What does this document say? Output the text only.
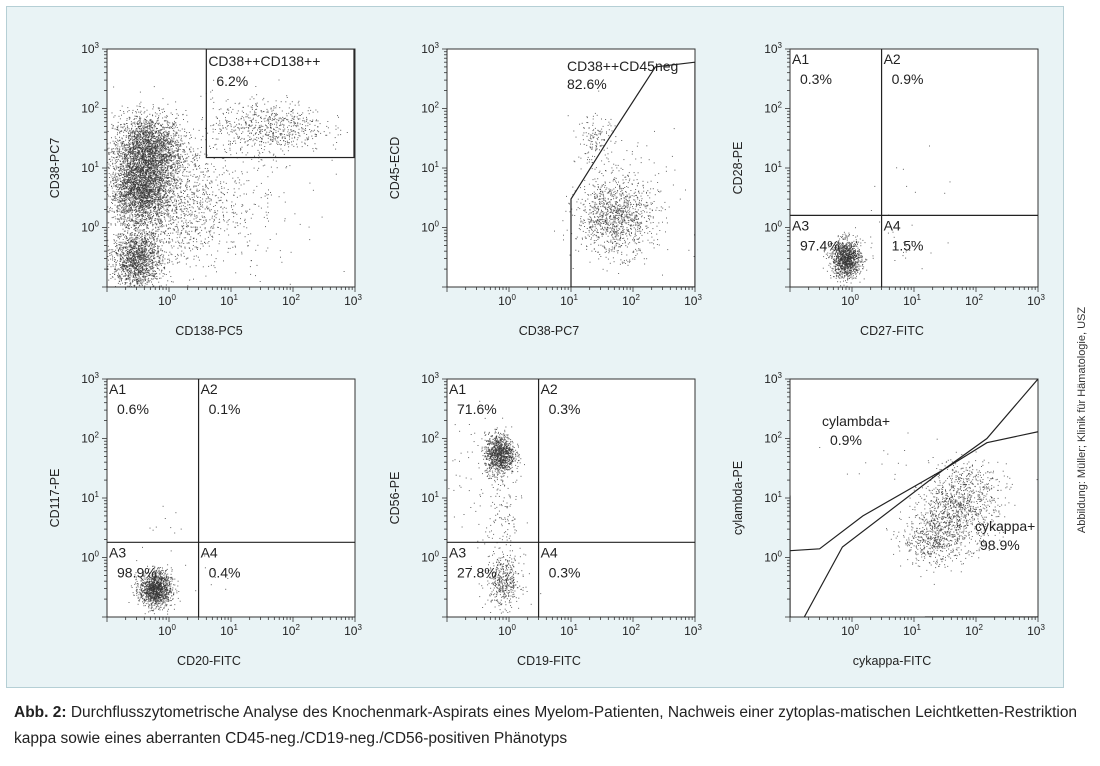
$10^0$
$10^0$
$10^1$
$10^1$
$10^2$
$10^2$
$10^3$
$10^3$
CD138-PC5
CD38-PC7
CD38++CD138++
6.2%
$10^0$
$10^0$
$10^1$
$10^1$
$10^2$
$10^2$
$10^3$
$10^3$
CD38-PC7
CD45-ECD
CD38++CD45neg
82.6%
$10^0$
$10^0$
$10^1$
$10^1$
$10^2$
$10^2$
$10^3$
$10^3$
CD27-FITC
CD28-PE
A1
0.3%
A2
0.9%
A3
97.4%
A4
1.5%
$10^0$
$10^0$
$10^1$
$10^1$
$10^2$
$10^2$
$10^3$
$10^3$
CD20-FITC
CD117-PE
A1
0.6%
A2
0.1%
A3
98.9%
A4
0.4%
$10^0$
$10^0$
$10^1$
$10^1$
$10^2$
$10^2$
$10^3$
$10^3$
CD19-FITC
CD56-PE
A1
71.6%
A2
0.3%
A3
27.8%
A4
0.3%
$10^0$
$10^0$
$10^1$
$10^1$
$10^2$
$10^2$
$10^3$
$10^3$
cykappa-FITC
cylambda-PE
cylambda+
0.9%
cykappa+
98.9%
Abbildung: Müller; Klinik für Hämatologie, USZ
Abb. 2: Durchflusszytometrische Analyse des Knochenmark-Aspirats eines Myelom-Patienten, Nachweis einer zytoplas-matischen Leichtketten-Restriktion kappa sowie eines aberranten CD45-neg./CD19-neg./CD56-positiven Phänotyps
